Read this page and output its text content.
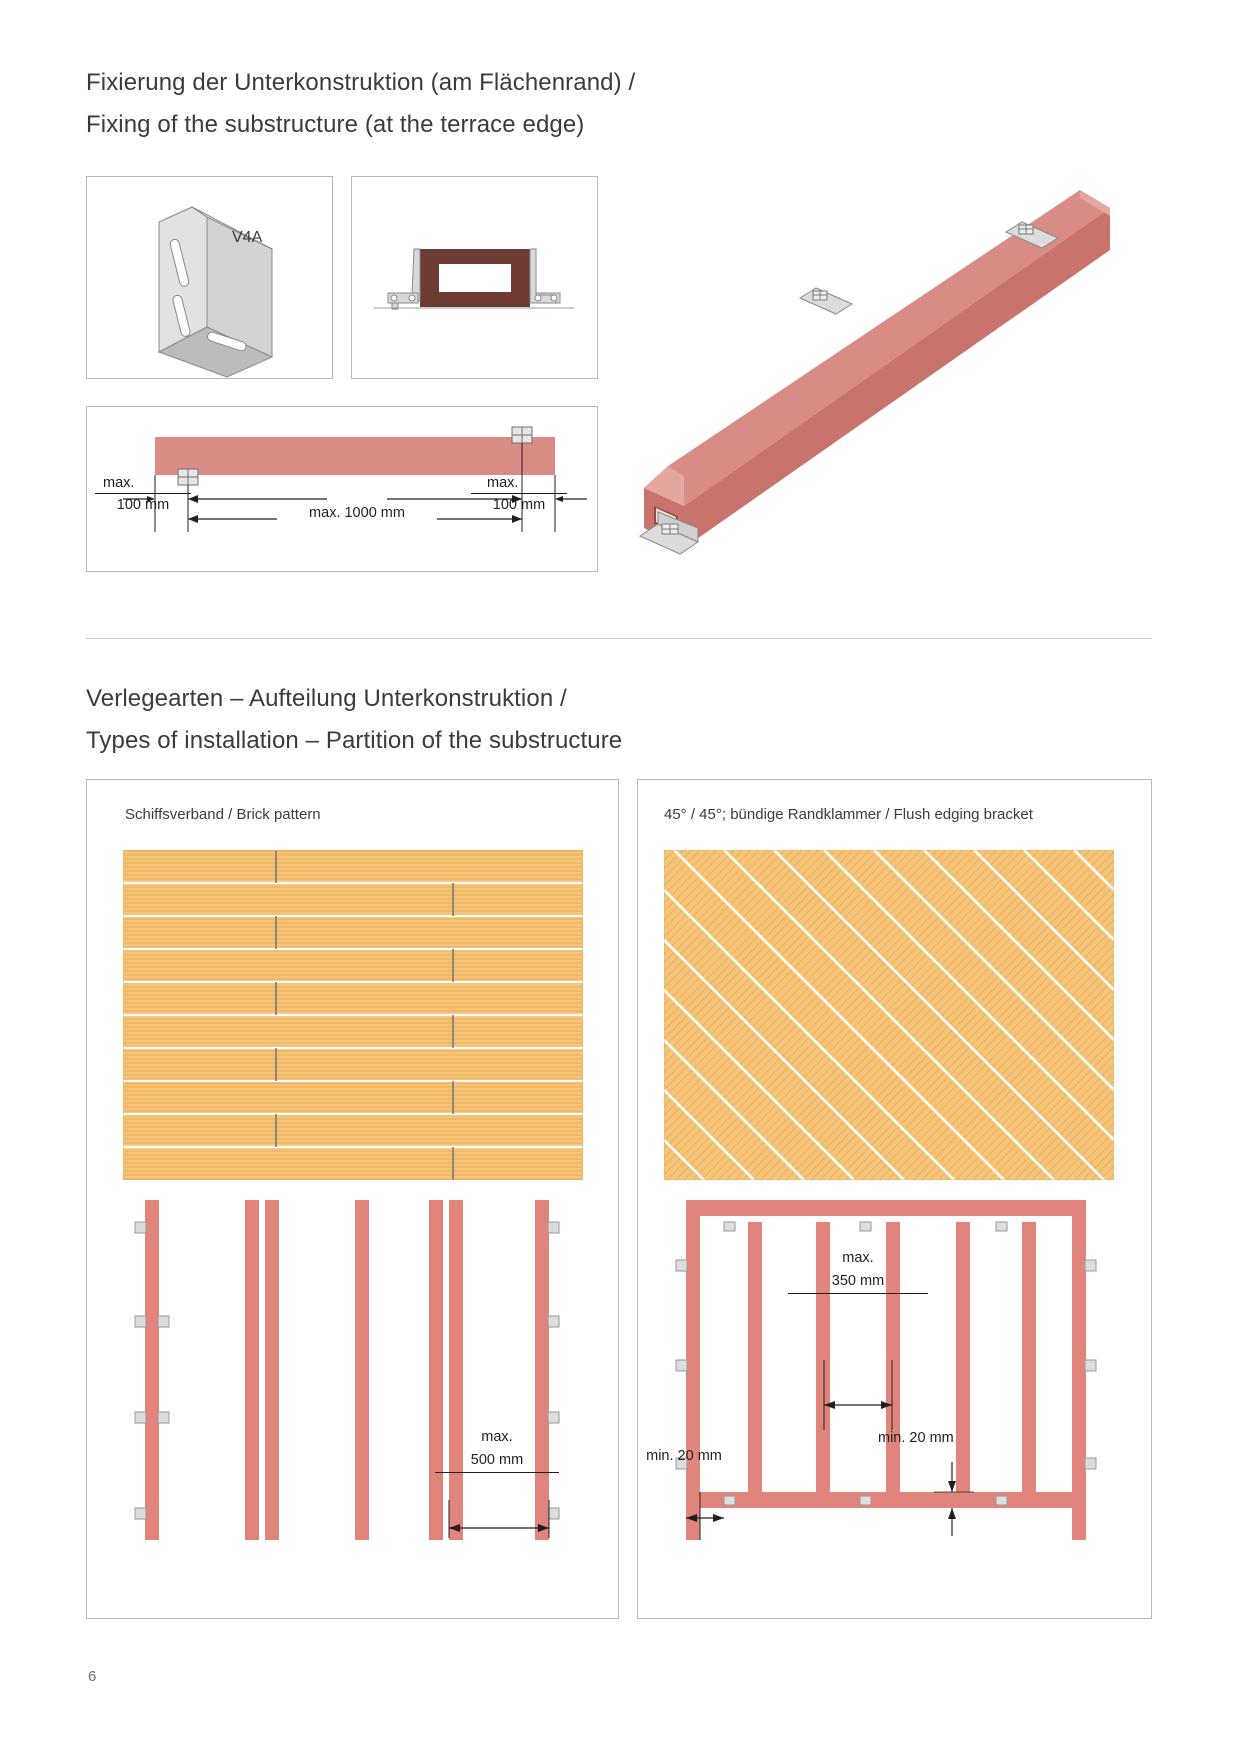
Fixierung der Unterkonstruktion (am Flächenrand) /
Fixing of the substructure (at the terrace edge)
V4A
max.
100 mm
max.
100 mm
max. 1000 mm
Verlegearten – Aufteilung Unterkonstruktion /
Types of installation – Partition of the substructure
Schiffsverband / Brick pattern
max.
500 mm
45° / 45°; bündige Randklammer / Flush edging bracket
max.
350 mm
min. 20 mm
min. 20 mm
6
